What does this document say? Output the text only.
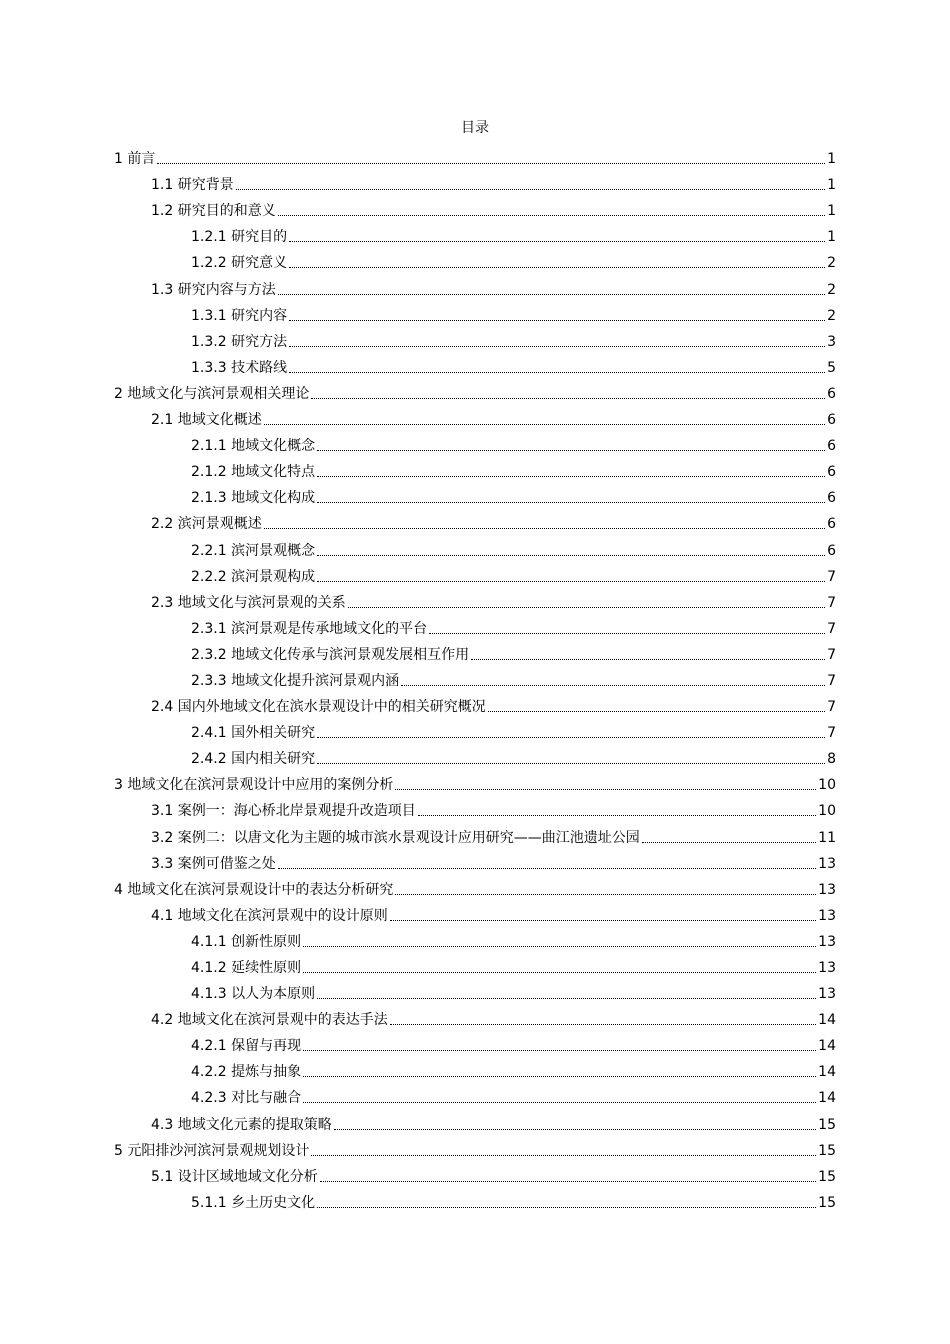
目录
1 前言	1
1.1 研究背景	1
1.2 研究目的和意义	1
1.2.1 研究目的	1
1.2.2 研究意义	2
1.3 研究内容与方法	2
1.3.1 研究内容	2
1.3.2 研究方法	3
1.3.3 技术路线	5
2 地域文化与滨河景观相关理论	6
2.1 地域文化概述	6
2.1.1 地域文化概念	6
2.1.2 地域文化特点	6
2.1.3 地域文化构成	6
2.2 滨河景观概述	6
2.2.1 滨河景观概念	6
2.2.2 滨河景观构成	7
2.3 地域文化与滨河景观的关系	7
2.3.1 滨河景观是传承地域文化的平台	7
2.3.2 地域文化传承与滨河景观发展相互作用	7
2.3.3 地域文化提升滨河景观内涵	7
2.4 国内外地域文化在滨水景观设计中的相关研究概况	7
2.4.1 国外相关研究	7
2.4.2 国内相关研究	8
3 地域文化在滨河景观设计中应用的案例分析	10
3.1 案例一：海心桥北岸景观提升改造项目	10
3.2 案例二：以唐文化为主题的城市滨水景观设计应用研究——曲江池遗址公园	11
3.3 案例可借鉴之处	13
4 地域文化在滨河景观设计中的表达分析研究	13
4.1 地域文化在滨河景观中的设计原则	13
4.1.1 创新性原则	13
4.1.2 延续性原则	13
4.1.3 以人为本原则	13
4.2 地域文化在滨河景观中的表达手法	14
4.2.1 保留与再现	14
4.2.2 提炼与抽象	14
4.2.3 对比与融合	14
4.3 地域文化元素的提取策略	15
5 元阳排沙河滨河景观规划设计	15
5.1 设计区域地域文化分析	15
5.1.1 乡土历史文化	15
